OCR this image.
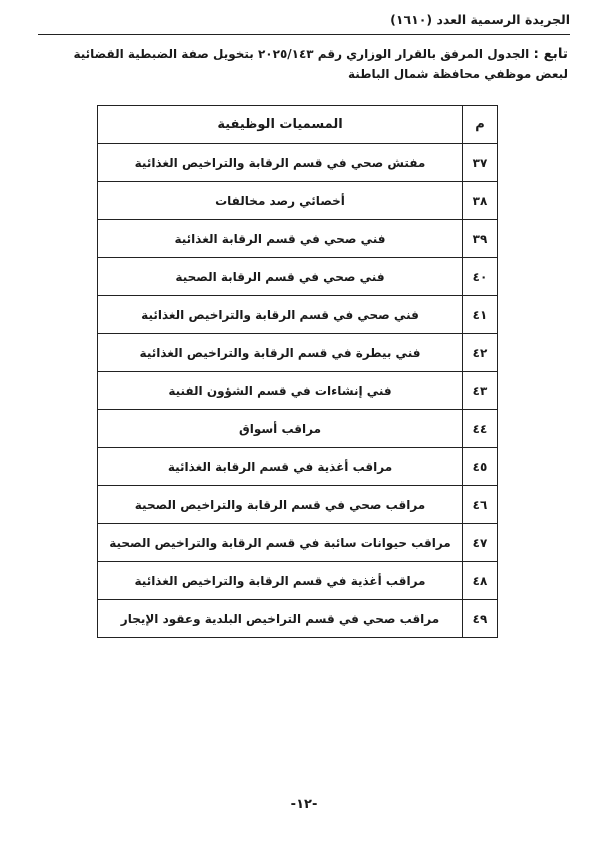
الجريدة الرسمية العدد (١٦١٠)
تابع : الجدول المرفق بالقرار الوزاري رقم ٢٠٢٥/١٤٣ بتخويل صفة الضبطية القضائية
لبعض موظفي محافظة شمال الباطنة
م	المسميات الوظيفية
٣٧	مفتش صحي في قسم الرقابة والتراخيص الغذائية
٣٨	أخصائي رصد مخالفات
٣٩	فني صحي في قسم الرقابة الغذائية
٤٠	فني صحي في قسم الرقابة الصحية
٤١	فني صحي في قسم الرقابة والتراخيص الغذائية
٤٢	فني بيطرة في قسم الرقابة والتراخيص الغذائية
٤٣	فني إنشاءات في قسم الشؤون الفنية
٤٤	مراقب أسواق
٤٥	مراقب أغذية في قسم الرقابة الغذائية
٤٦	مراقب صحي في قسم الرقابة والتراخيص الصحية
٤٧	مراقب حيوانات سائبة في قسم الرقابة والتراخيص الصحية
٤٨	مراقب أغذية في قسم الرقابة والتراخيص الغذائية
٤٩	مراقب صحي في قسم التراخيص البلدية وعقود الإيجار
-١٢-
